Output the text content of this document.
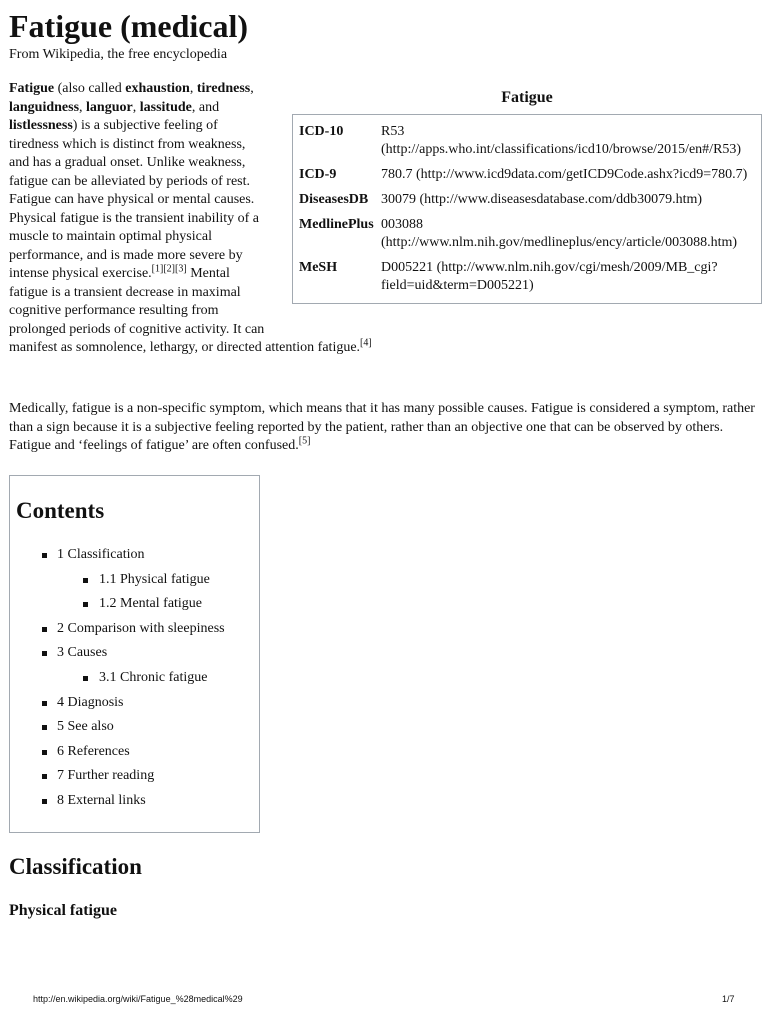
Fatigue (medical)

From Wikipedia, the free encyclopedia

Fatigue
ICD-10	R53 (http://apps.who.int/classifications/icd10/browse/2015/en#/R53)
ICD-9	780.7 (http://www.icd9data.com/getICD9Code.ashx?icd9=780.7)
DiseasesDB 30079 (http://www.diseasesdatabase.com/ddb30079.htm)
MedlinePlus 003088 (http://www.nlm.nih.gov/medlineplus/ency/article/003088.htm)
MeSH	D005221 (http://www.nlm.nih.gov/cgi/mesh/2009/MB_cgi?field=uid&term=D005221)

Fatigue (also called exhaustion, tiredness, languidness, languor, lassitude, and listlessness) is a subjective feeling of tiredness which is distinct from weakness, and has a gradual onset. Unlike weakness, fatigue can be alleviated by periods of rest. Fatigue can have physical or mental causes. Physical fatigue is the transient inability of a muscle to maintain optimal physical performance, and is made more severe by intense physical exercise.[1][2][3] Mental fatigue is a transient decrease in maximal cognitive performance resulting from prolonged periods of cognitive activity. It can manifest as somnolence, lethargy, or directed attention fatigue.[4]

Medically, fatigue is a non-specific symptom, which means that it has many possible causes. Fatigue is considered a symptom, rather than a sign because it is a subjective feeling reported by the patient, rather than an objective one that can be observed by others. Fatigue and ‘feelings of fatigue’ are often confused.[5]

Contents
1 Classification
1.1 Physical fatigue
1.2 Mental fatigue
2 Comparison with sleepiness
3 Causes
3.1 Chronic fatigue
4 Diagnosis
5 See also
6 References
7 Further reading
8 External links
Classification
Physical fatigue

http://en.wikipedia.org/wiki/Fatigue_%28medical%29	1/7
